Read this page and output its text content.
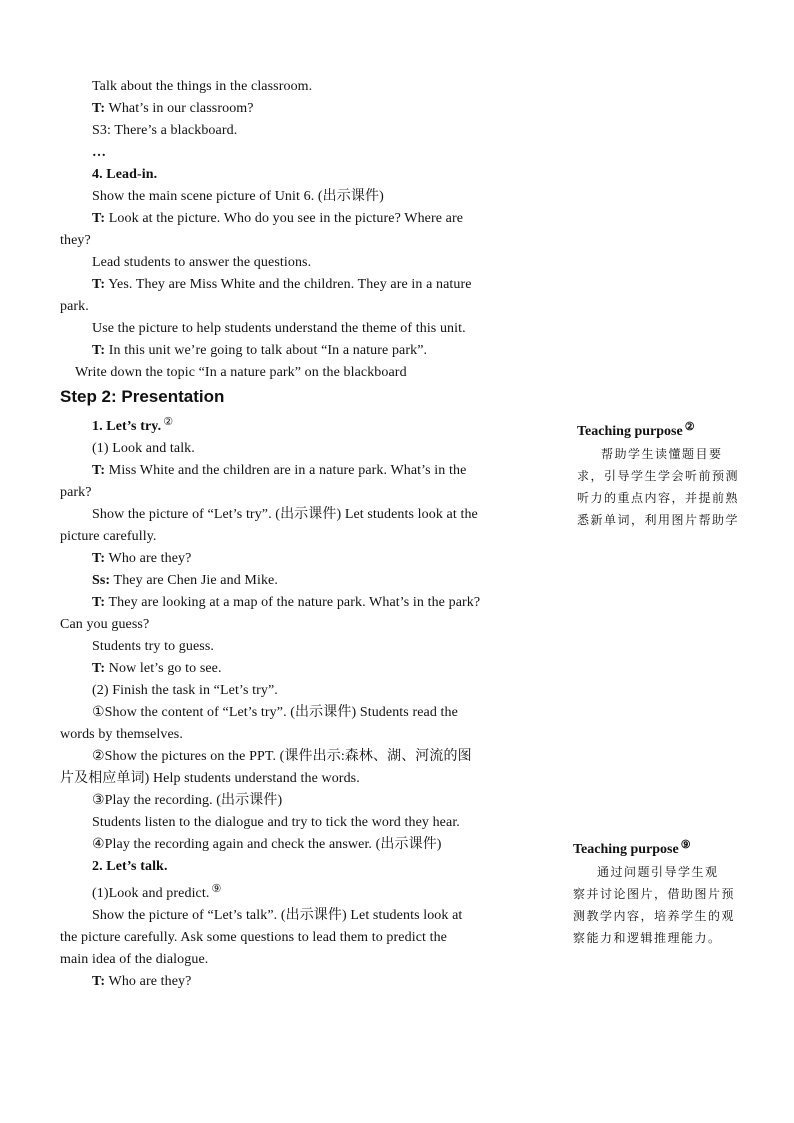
Talk about the things in the classroom.
T: What’s in our classroom?
S3: There’s a blackboard.
…
4. Lead-in.
Show the main scene picture of Unit 6. (出示课件)
T: Look at the picture. Who do you see in the picture? Where are
they?
Lead students to answer the questions.
T: Yes. They are Miss White and the children. They are in a nature
park.
Use the picture to help students understand the theme of this unit.
T: In this unit we’re going to talk about “In a nature park”.
Write down the topic “In a nature park” on the blackboard
Step 2: Presentation
1. Let’s try. ②
(1) Look and talk.
T: Miss White and the children are in a nature park. What’s in the
park?
Show the picture of “Let’s try”. (出示课件) Let students look at the
picture carefully.
T: Who are they?
Ss: They are Chen Jie and Mike.
T: They are looking at a map of the nature park. What’s in the park?
Can you guess?
Students try to guess.
T: Now let’s go to see.
(2) Finish the task in “Let’s try”.
①Show the content of “Let’s try”. (出示课件) Students read the
words by themselves.
②Show the pictures on the PPT. (课件出示:森林、湖、河流的图
片及相应单词) Help students understand the words.
③Play the recording. (出示课件)
Students listen to the dialogue and try to tick the word they hear.
④Play the recording again and check the answer. (出示课件)
2. Let’s talk.
(1)Look and predict. ⑨
Show the picture of “Let’s talk”. (出示课件) Let students look at
the picture carefully. Ask some questions to lead them to predict the
main idea of the dialogue.
T: Who are they?
Teaching purpose ②
帮助学生读懂题目要
求，引导学生学会听前预测
听力的重点内容，并提前熟
悉新单词，利用图片帮助学
Teaching purpose ⑨
通过问题引导学生观
察并讨论图片，借助图片预
测教学内容，培养学生的观
察能力和逻辑推理能力。
